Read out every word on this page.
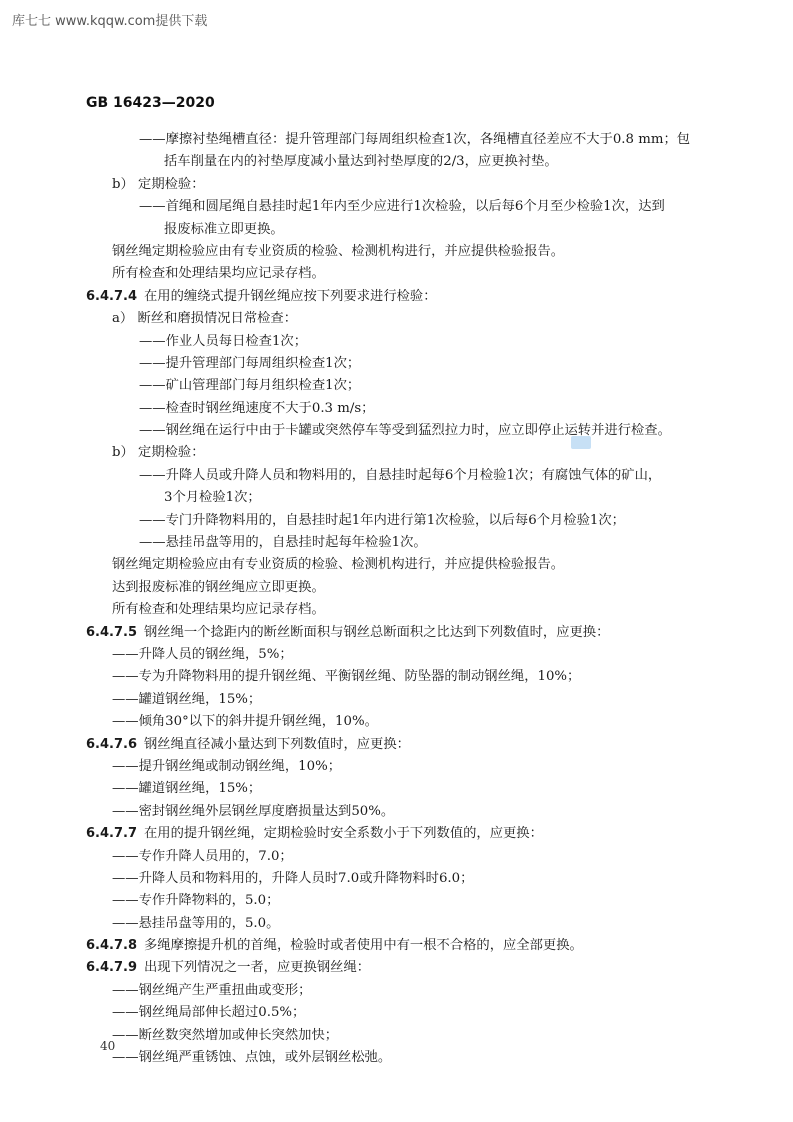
库七七 www.kqqw.com提供下载
GB 16423—2020
——摩擦衬垫绳槽直径：提升管理部门每周组织检查1次，各绳槽直径差应不大于0.8 mm；包
括车削量在内的衬垫厚度减小量达到衬垫厚度的2/3，应更换衬垫。
b） 定期检验：
——首绳和圆尾绳自悬挂时起1年内至少应进行1次检验，以后每6个月至少检验1次，达到
报废标准立即更换。
钢丝绳定期检验应由有专业资质的检验、检测机构进行，并应提供检验报告。
所有检查和处理结果均应记录存档。
6.4.7.4 在用的缠绕式提升钢丝绳应按下列要求进行检验：
a） 断丝和磨损情况日常检查：
——作业人员每日检查1次；
——提升管理部门每周组织检查1次；
——矿山管理部门每月组织检查1次；
——检查时钢丝绳速度不大于0.3 m/s；
——钢丝绳在运行中由于卡罐或突然停车等受到猛烈拉力时，应立即停止运转并进行检查。
b） 定期检验：
——升降人员或升降人员和物料用的，自悬挂时起每6个月检验1次；有腐蚀气体的矿山，
3个月检验1次；
——专门升降物料用的，自悬挂时起1年内进行第1次检验，以后每6个月检验1次；
——悬挂吊盘等用的，自悬挂时起每年检验1次。
钢丝绳定期检验应由有专业资质的检验、检测机构进行，并应提供检验报告。
达到报废标准的钢丝绳应立即更换。
所有检查和处理结果均应记录存档。
6.4.7.5 钢丝绳一个捻距内的断丝断面积与钢丝总断面积之比达到下列数值时，应更换：
——升降人员的钢丝绳，5%；
——专为升降物料用的提升钢丝绳、平衡钢丝绳、防坠器的制动钢丝绳，10%；
——罐道钢丝绳，15%；
——倾角30°以下的斜井提升钢丝绳，10%。
6.4.7.6 钢丝绳直径减小量达到下列数值时，应更换：
——提升钢丝绳或制动钢丝绳，10%；
——罐道钢丝绳，15%；
——密封钢丝绳外层钢丝厚度磨损量达到50%。
6.4.7.7 在用的提升钢丝绳，定期检验时安全系数小于下列数值的，应更换：
——专作升降人员用的，7.0；
——升降人员和物料用的，升降人员时7.0或升降物料时6.0；
——专作升降物料的，5.0；
——悬挂吊盘等用的，5.0。
6.4.7.8 多绳摩擦提升机的首绳，检验时或者使用中有一根不合格的，应全部更换。
6.4.7.9 出现下列情况之一者，应更换钢丝绳：
——钢丝绳产生严重扭曲或变形；
——钢丝绳局部伸长超过0.5%；
——断丝数突然增加或伸长突然加快；
——钢丝绳严重锈蚀、点蚀，或外层钢丝松弛。
40
